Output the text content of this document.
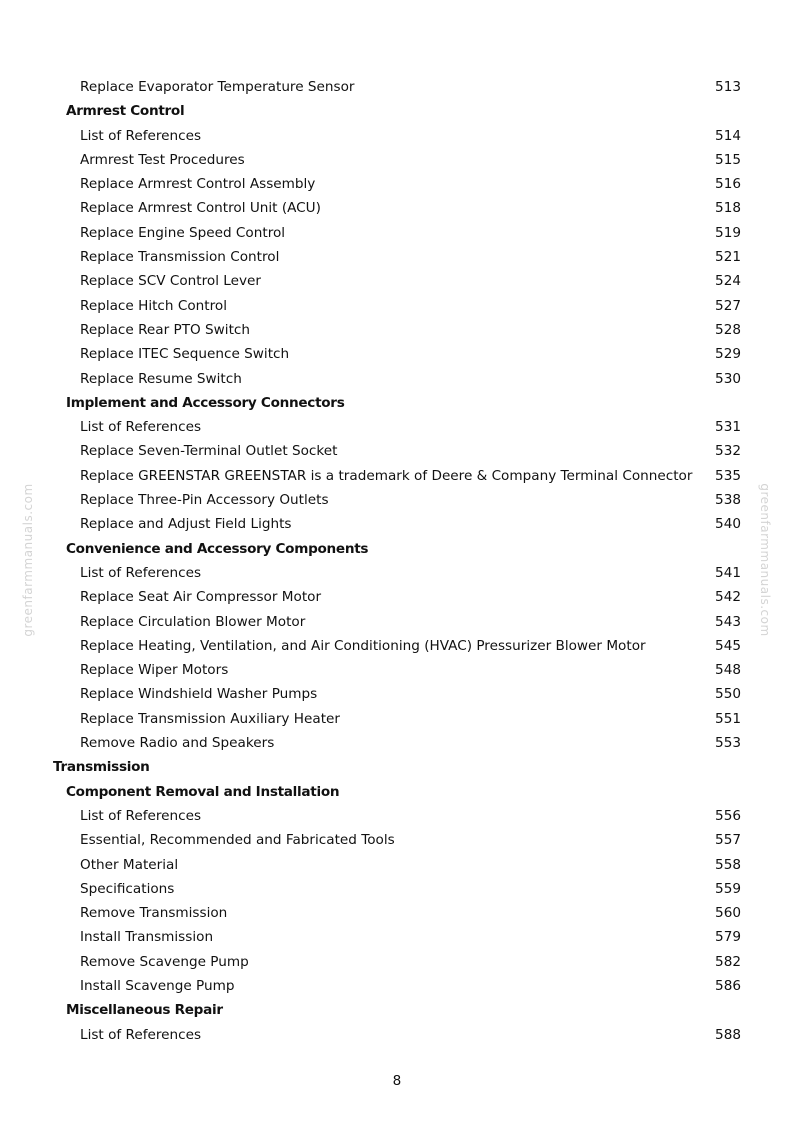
Replace Evaporator Temperature Sensor	513
Armrest Control
List of References	514
Armrest Test Procedures	515
Replace Armrest Control Assembly	516
Replace Armrest Control Unit (ACU)	518
Replace Engine Speed Control	519
Replace Transmission Control	521
Replace SCV Control Lever	524
Replace Hitch Control	527
Replace Rear PTO Switch	528
Replace ITEC Sequence Switch	529
Replace Resume Switch	530
Implement and Accessory Connectors
List of References	531
Replace Seven-Terminal Outlet Socket	532
Replace GREENSTAR GREENSTAR is a trademark of Deere & Company Terminal Connector 535
Replace Three-Pin Accessory Outlets	538
Replace and Adjust Field Lights	540
Convenience and Accessory Components
List of References	541
Replace Seat Air Compressor Motor	542
Replace Circulation Blower Motor	543
Replace Heating, Ventilation, and Air Conditioning (HVAC) Pressurizer Blower Motor	545
Replace Wiper Motors	548
Replace Windshield Washer Pumps	550
Replace Transmission Auxiliary Heater	551
Remove Radio and Speakers	553
Transmission
Component Removal and Installation
List of References	556
Essential, Recommended and Fabricated Tools	557
Other Material	558
Specifications	559
Remove Transmission	560
Install Transmission	579
Remove Scavenge Pump	582
Install Scavenge Pump	586
Miscellaneous Repair
List of References	588
8
greenfarmmanuals.com	greenfarmmanuals.com
